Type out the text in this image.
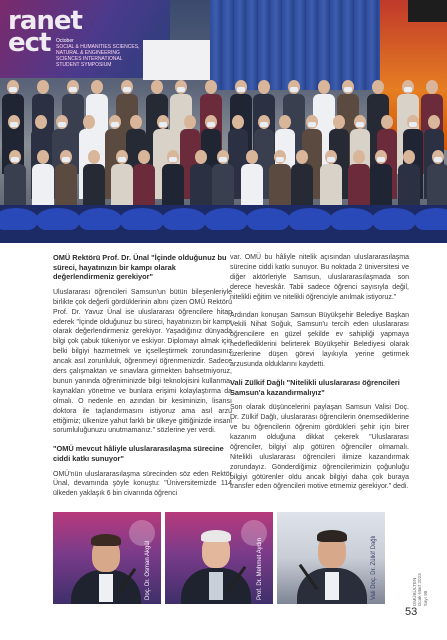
ranet
ect	SOCIAL & HUMANITIES SCIENCES, NATURAL & ENGINEERING SCIENCES INTERNATIONAL STUDENT SYMPOSIUM
October
OMÜ Rektörü Prof. Dr. Ünal "İçinde olduğunuz bu süreci, hayatınızın bir kampı olarak değerlendirmeniz gerekiyor"

Uluslararası öğrencileri Samsun'un bütün bileşenleriyle birlikte çok değerli gördüklerinin altını çizen OMÜ Rektörü Prof. Dr. Yavuz Ünal ise uluslararası öğrencilere hitap ederek "İçinde olduğunuz bu süreci, hayatınızın bir kampı olarak değerlendirmeniz gerekiyor. Yaşadığınız dünyada bilgi çok çabuk tükeniyor ve eskiyor. Diplomayı almak için belki bilgiyi hazmetmek ve içselleştirmek zorundasınız ancak asıl zorunluluk, öğrenmeyi öğrenmenizdir. Sadece ders çalışmaktan ve sınavlara girmekten bahsetmiyoruz, bunun yanında öğreniminizde bilgi teknolojisini kullanma, kaynakları yönetme ve bunlara erişimi kolaylaştırma da olmalı. O nedenle en azından bir kesiminizin, lisansı doktora ile taçlandırmasını istiyoruz ama asıl arzu ettiğimiz; ülkenize yahut farklı bir ülkeye gittiğinizde insani sorumluluğunuzu unutmamanız." sözlerine yer verdi.

"OMÜ mevcut hâliyle uluslararasılaşma sürecine ciddi katkı sunuyor"

OMÜ'nün uluslararasılaşma sürecinden söz eden Rektör Ünal, devamında şöyle konuştu: "Üniversitemizde 114 ülkeden yaklaşık 6 bin civarında öğrenci

var. OMÜ bu hâliyle nitelik açısından uluslararasılaşma sürecine ciddi katkı sunuyor. Bu noktada 2 üniversitesi ve diğer aktörleriyle Samsun, uluslararasılaşmada son derece heveskâr. Tabii sadece öğrenci sayısıyla değil, nitelikli eğitim ve nitelikli öğrenciyle anılmak istiyoruz."

Ardından konuşan Samsun Büyükşehir Belediye Başkan Vekili Nihat Soğuk, Samsun'u tercih eden uluslararası öğrencilere en güzel şekilde ev sahipliği yapmaya hedeflediklerini belirterek Büyükşehir Belediyesi olarak üzerlerine düşen görevi layıkıyla yerine getirmek arzusunda olduklarını kaydetti.

Vali Zülkif Dağlı "Nitelikli uluslararası öğrencileri Samsun'a kazandırmalıyız"

Son olarak düşüncelerini paylaşan Samsun Valisi Doç. Dr. Zülkif Dağlı, uluslararası öğrencilerin önemsediklerine ve bu öğrencilerin öğrenim gördükleri şehir için birer kazanım olduğuna dikkat çekerek "Uluslararası öğrenciler, bilgiyi alıp götüren öğrenciler olmamalı. Nitelikli uluslararası öğrencileri ilimize kazandırmak zorundayız. Gönderdiğimiz öğrencilerimizin çoğunluğu bilgiyi götürenler oldu ancak bilgiyi daha çok buraya transfer eden öğrencileri motive etmemiz gerekiyor." dedi.

Doç. Dr. Osman Akgül	Prof. Dr. Mehmet Aydın	Vali Doç. Dr. Zülkif Dağlı	OMÜBÜLTEN Ocak-Mart 2023 Sayı 98
53
